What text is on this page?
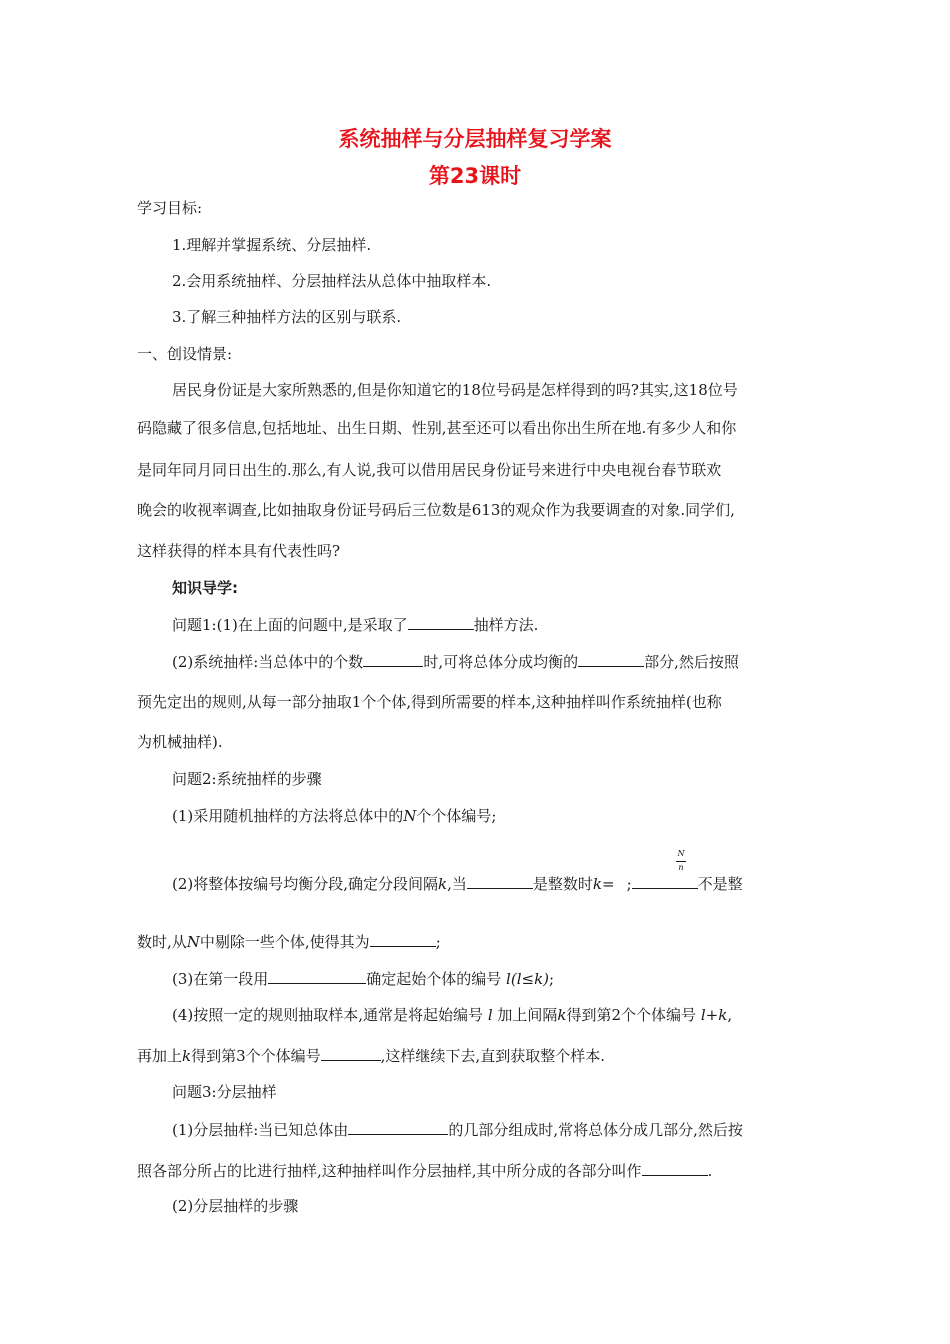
系统抽样与分层抽样复习学案
第23课时
学习目标:
1.理解并掌握系统、分层抽样.
2.会用系统抽样、分层抽样法从总体中抽取样本.
3.了解三种抽样方法的区别与联系.
一、创设情景:
居民身份证是大家所熟悉的,但是你知道它的18位号码是怎样得到的吗?其实,这18位号
码隐藏了很多信息,包括地址、出生日期、性别,甚至还可以看出你出生所在地.有多少人和你
是同年同月同日出生的.那么,有人说,我可以借用居民身份证号来进行中央电视台春节联欢
晚会的收视率调查,比如抽取身份证号码后三位数是613的观众作为我要调查的对象.同学们,
这样获得的样本具有代表性吗?
知识导学:
问题1:(1)在上面的问题中,是采取了	抽样方法.
(2)系统抽样:当总体中的个数	时,可将总体分成均衡的	部分,然后按照
预先定出的规则,从每一部分抽取1个个体,得到所需要的样本,这种抽样叫作系统抽样(也称
为机械抽样).
问题2:系统抽样的步骤
(1)采用随机抽样的方法将总体中的N个个体编号;
N
n
(2)将整体按编号均衡分段,确定分段间隔k,当	是整数时k= ;	不是整
数时,从N中剔除一些个体,使得其为	;
(3)在第一段用	确定起始个体的编号 l(l≤k);
(4)按照一定的规则抽取样本,通常是将起始编号 l 加上间隔k得到第2个个体编号 l+k,
再加上k得到第3个个体编号	,这样继续下去,直到获取整个样本.
问题3:分层抽样
(1)分层抽样:当已知总体由	的几部分组成时,常将总体分成几部分,然后按
照各部分所占的比进行抽样,这种抽样叫作分层抽样,其中所分成的各部分叫作	.
(2)分层抽样的步骤
